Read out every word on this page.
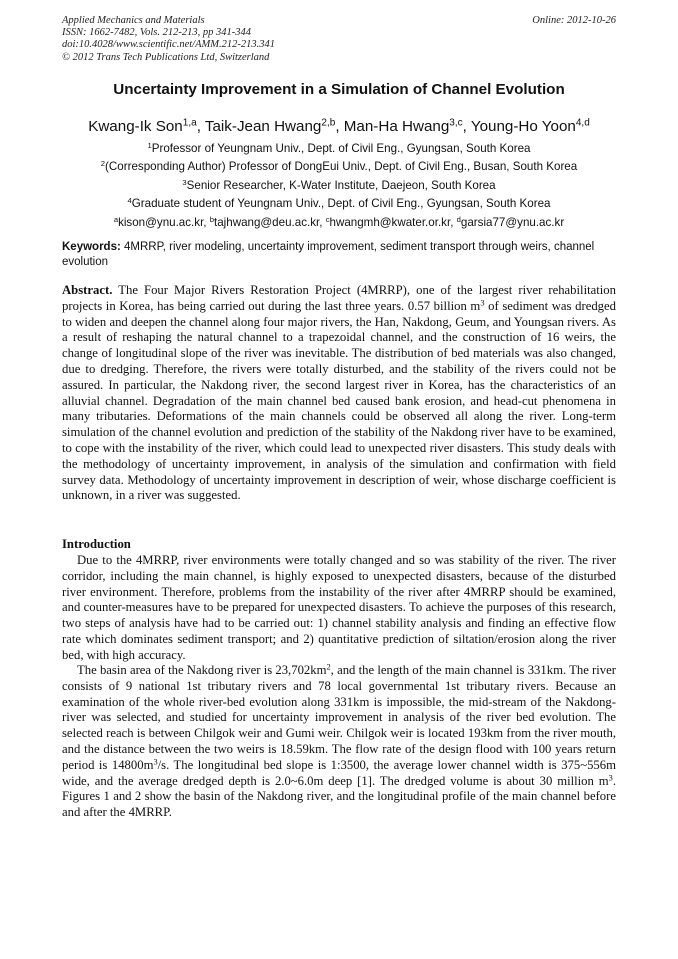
Applied Mechanics and Materials
ISSN: 1662-7482, Vols. 212-213, pp 341-344
doi:10.4028/www.scientific.net/AMM.212-213.341
© 2012 Trans Tech Publications Ltd, Switzerland
Online: 2012-10-26
Uncertainty Improvement in a Simulation of Channel Evolution
Kwang-Ik Son$^{1,a}$, Taik-Jean Hwang$^{2,b}$, Man-Ha Hwang$^{3,c}$, Young-Ho Yoon$^{4,d}$
$^1$Professor of Yeungnam Univ., Dept. of Civil Eng., Gyungsan, South Korea
$^2$(Corresponding Author) Professor of DongEui Univ., Dept. of Civil Eng., Busan, South Korea
$^3$Senior Researcher, K-Water Institute, Daejeon, South Korea
$^4$Graduate student of Yeungnam Univ., Dept. of Civil Eng., Gyungsan, South Korea
$^a$kison@ynu.ac.kr, $^b$tajhwang@deu.ac.kr, $^c$hwangmh@kwater.or.kr, $^d$garsia77@ynu.ac.kr
Keywords: 4MRRP, river modeling, uncertainty improvement, sediment transport through weirs, channel evolution
Abstract. The Four Major Rivers Restoration Project (4MRRP), one of the largest river rehabilitation projects in Korea, has being carried out during the last three years. 0.57 billion $m^3$ of sediment was dredged to widen and deepen the channel along four major rivers, the Han, Nakdong, Geum, and Youngsan rivers. As a result of reshaping the natural channel to a trapezoidal channel, and the construction of 16 weirs, the change of longitudinal slope of the river was inevitable. The distribution of bed materials was also changed, due to dredging. Therefore, the rivers were totally disturbed, and the stability of the rivers could not be assured. In particular, the Nakdong river, the second largest river in Korea, has the characteristics of an alluvial channel. Degradation of the main channel bed caused bank erosion, and head-cut phenomena in many tributaries. Deformations of the main channels could be observed all along the river. Long-term simulation of the channel evolution and prediction of the stability of the Nakdong river have to be examined, to cope with the instability of the river, which could lead to unexpected river disasters. This study deals with the methodology of uncertainty improvement, in analysis of the simulation and confirmation with field survey data. Methodology of uncertainty improvement in description of weir, whose discharge coefficient is unknown, in a river was suggested.
Introduction
Due to the 4MRRP, river environments were totally changed and so was stability of the river. The river corridor, including the main channel, is highly exposed to unexpected disasters, because of the disturbed river environment. Therefore, problems from the instability of the river after 4MRRP should be examined, and counter-measures have to be prepared for unexpected disasters. To achieve the purposes of this research, two steps of analysis have had to be carried out: 1) channel stability analysis and finding an effective flow rate which dominates sediment transport; and 2) quantitative prediction of siltation/erosion along the river bed, with high accuracy.
The basin area of the Nakdong river is $23,702km^2$, and the length of the main channel is 331km. The river consists of 9 national 1st tributary rivers and 78 local governmental 1st tributary rivers. Because an examination of the whole river-bed evolution along 331km is impossible, the mid-stream of the Nakdong-river was selected, and studied for uncertainty improvement in analysis of the river bed evolution. The selected reach is between Chilgok weir and Gumi weir. Chilgok weir is located 193km from the river mouth, and the distance between the two weirs is 18.59km. The flow rate of the design flood with 100 years return period is $14800m^3/s$. The longitudinal bed slope is 1:3500, the average lower channel width is 375~556m wide, and the average dredged depth is 2.0~6.0m deep [1]. The dredged volume is about 30 million $m^3$. Figures 1 and 2 show the basin of the Nakdong river, and the longitudinal profile of the main channel before and after the 4MRRP.
